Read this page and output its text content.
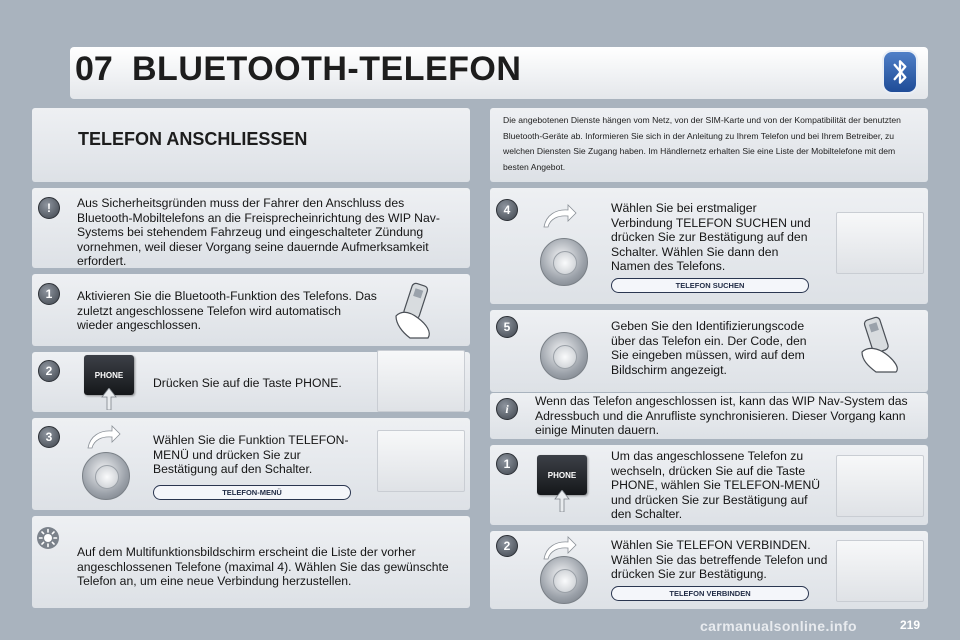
07 BLUETOOTH-TELEFON
TELEFON ANSCHLIESSEN
Die angebotenen Dienste hängen vom Netz, von der SIM-Karte und von der Kompatibilität der benutzten Bluetooth-Geräte ab. Informieren Sie sich in der Anleitung zu Ihrem Telefon und bei Ihrem Betreiber, zu welchen Diensten Sie Zugang haben. Im Händlernetz erhalten Sie eine Liste der Mobiltelefone mit dem besten Angebot.
!	Aus Sicherheitsgründen muss der Fahrer den Anschluss des Bluetooth-Mobiltelefons an die Freisprecheinrichtung des WIP Nav-Systems bei stehendem Fahrzeug und eingeschalteter Zündung vornehmen, weil dieser Vorgang seine dauernde Aufmerksamkeit erfordert.
1	Aktivieren Sie die Bluetooth-Funktion des Telefons. Das zuletzt angeschlossene Telefon wird automatisch wieder angeschlossen.
2	PHONE
Drücken Sie auf die Taste PHONE.
3	Wählen Sie die Funktion TELEFON-MENÜ und drücken Sie zur Bestätigung auf den Schalter.
TELEFON-MENÜ
Auf dem Multifunktionsbildschirm erscheint die Liste der vorher angeschlossenen Telefone (maximal 4). Wählen Sie das gewünschte Telefon an, um eine neue Verbindung herzustellen.
4	Wählen Sie bei erstmaliger Verbindung TELEFON SUCHEN und drücken Sie zur Bestätigung auf den Schalter. Wählen Sie dann den Namen des Telefons.
TELEFON SUCHEN
5	Geben Sie den Identifizierungscode über das Telefon ein. Der Code, den Sie eingeben müssen, wird auf dem Bildschirm angezeigt.
i
Wenn das Telefon angeschlossen ist, kann das WIP Nav-System das Adressbuch und die Anrufliste synchronisieren. Dieser Vorgang kann einige Minuten dauern.
1
PHONE
Um das angeschlossene Telefon zu wechseln, drücken Sie auf die Taste PHONE, wählen Sie TELEFON-MENÜ und drücken Sie zur Bestätigung auf den Schalter.
2	Wählen Sie TELEFON VERBINDEN. Wählen Sie das betreffende Telefon und drücken Sie zur Bestätigung.
TELEFON VERBINDEN
carmanualsonline.info	219
